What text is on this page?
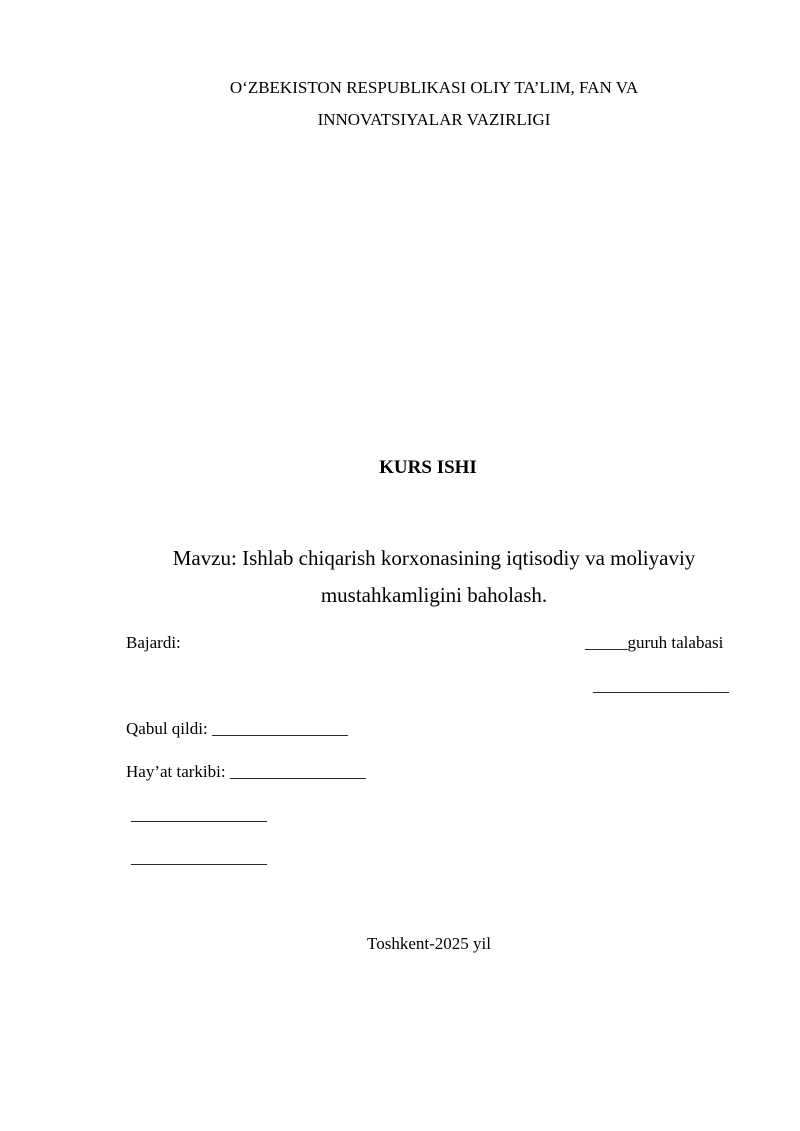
O‘ZBEKISTON RESPUBLIKASI OLIY TA’LIM, FAN VA
INNOVATSIYALAR VAZIRLIGI
KURS ISHI
Mavzu: Ishlab chiqarish korxonasining iqtisodiy va moliyaviy
mustahkamligini baholash.
Bajardi:	_____guruh talabasi
________________
Qabul qildi: ________________
Hay’at tarkibi: ________________
________________
________________
Toshkent-2025 yil
